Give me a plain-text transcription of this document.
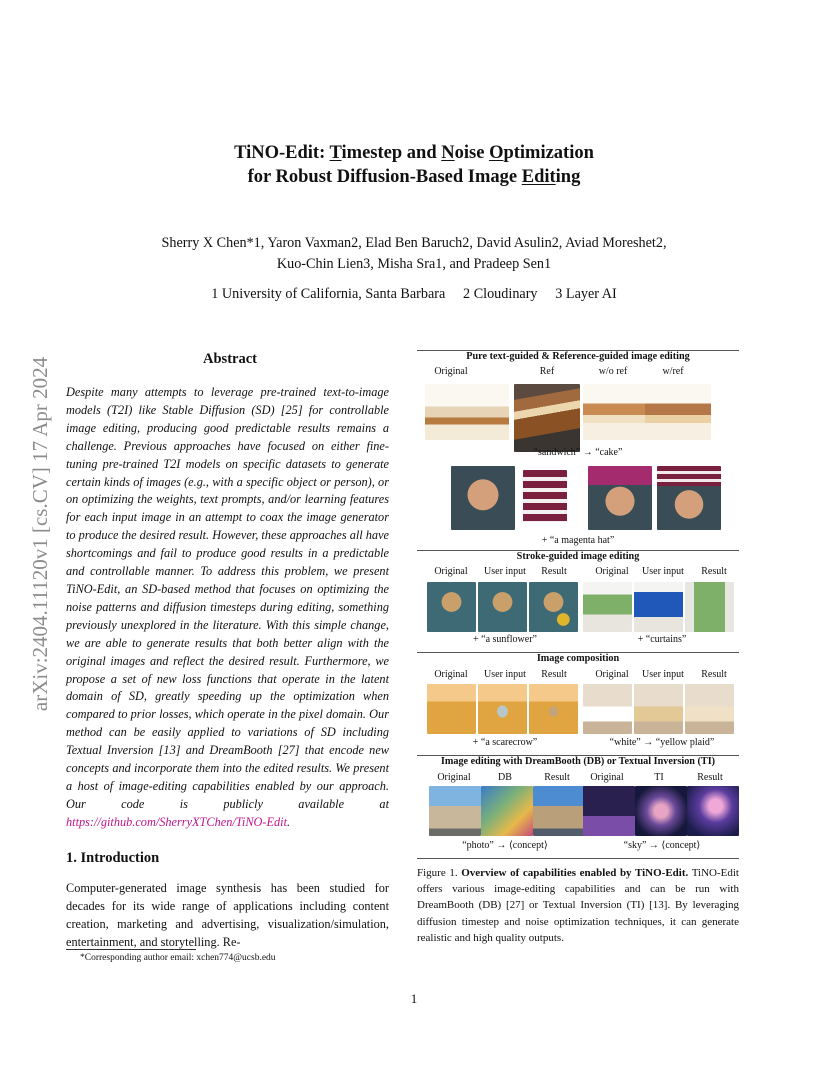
arXiv:2404.11120v1 [cs.CV] 17 Apr 2024
TiNO-Edit: Timestep and Noise Optimization
for Robust Diffusion-Based Image Editing
Sherry X Chen*1, Yaron Vaxman2, Elad Ben Baruch2, David Asulin2, Aviad Moreshet2,
Kuo-Chin Lien3, Misha Sra1, and Pradeep Sen1
1 University of California, Santa Barbara 2 Cloudinary 3 Layer AI
Abstract
Despite many attempts to leverage pre-trained text-to-image models (T2I) like Stable Diffusion (SD) [25] for controllable image editing, producing good predictable results remains a challenge. Previous approaches have focused on either fine-tuning pre-trained T2I models on specific datasets to generate certain kinds of images (e.g., with a specific object or person), or on optimizing the weights, text prompts, and/or learning features for each input image in an attempt to coax the image generator to produce the desired result. However, these approaches all have shortcomings and fail to produce good results in a predictable and controllable manner. To address this problem, we present TiNO-Edit, an SD-based method that focuses on optimizing the noise patterns and diffusion timesteps during editing, something previously unexplored in the literature. With this simple change, we are able to generate results that both better align with the original images and reflect the desired result. Furthermore, we propose a set of new loss functions that operate in the latent domain of SD, greatly speeding up the optimization when compared to prior losses, which operate in the pixel domain. Our method can be easily applied to variations of SD including Textual Inversion [13] and DreamBooth [27] that encode new concepts and incorporate them into the edited results. We present a host of image-editing capabilities enabled by our approach. Our code is publicly available at https://github.com/SherryXTChen/TiNO-Edit.
1. Introduction
Computer-generated image synthesis has been studied for decades for its wide range of applications including content creation, marketing and advertising, visualization/simulation, entertainment, and storytelling. Re-
*Corresponding author email: xchen774@ucsb.edu
1
Pure text-guided & Reference-guided image editing
Original	Ref	w/o ref	w/ref
“sandwich” → “cake”
+ “a magenta hat”
Stroke-guided image editing
Original	User input	Result	Original	User input	Result
+ “a sunflower”	+ “curtains”
Image composition
Original	User input	Result	Original	User input	Result
+ “a scarecrow”	“white” → “yellow plaid”
Image editing with DreamBooth (DB) or Textual Inversion (TI)
Original	DB	Result	Original	TI	Result
“photo” → ⟨concept⟩	“sky” → ⟨concept⟩
Figure 1. Overview of capabilities enabled by TiNO-Edit. TiNO-Edit offers various image-editing capabilities and can be run with DreamBooth (DB) [27] or Textual Inversion (TI) [13]. By leveraging diffusion timestep and noise optimization techniques, it can generate realistic and high quality outputs.
